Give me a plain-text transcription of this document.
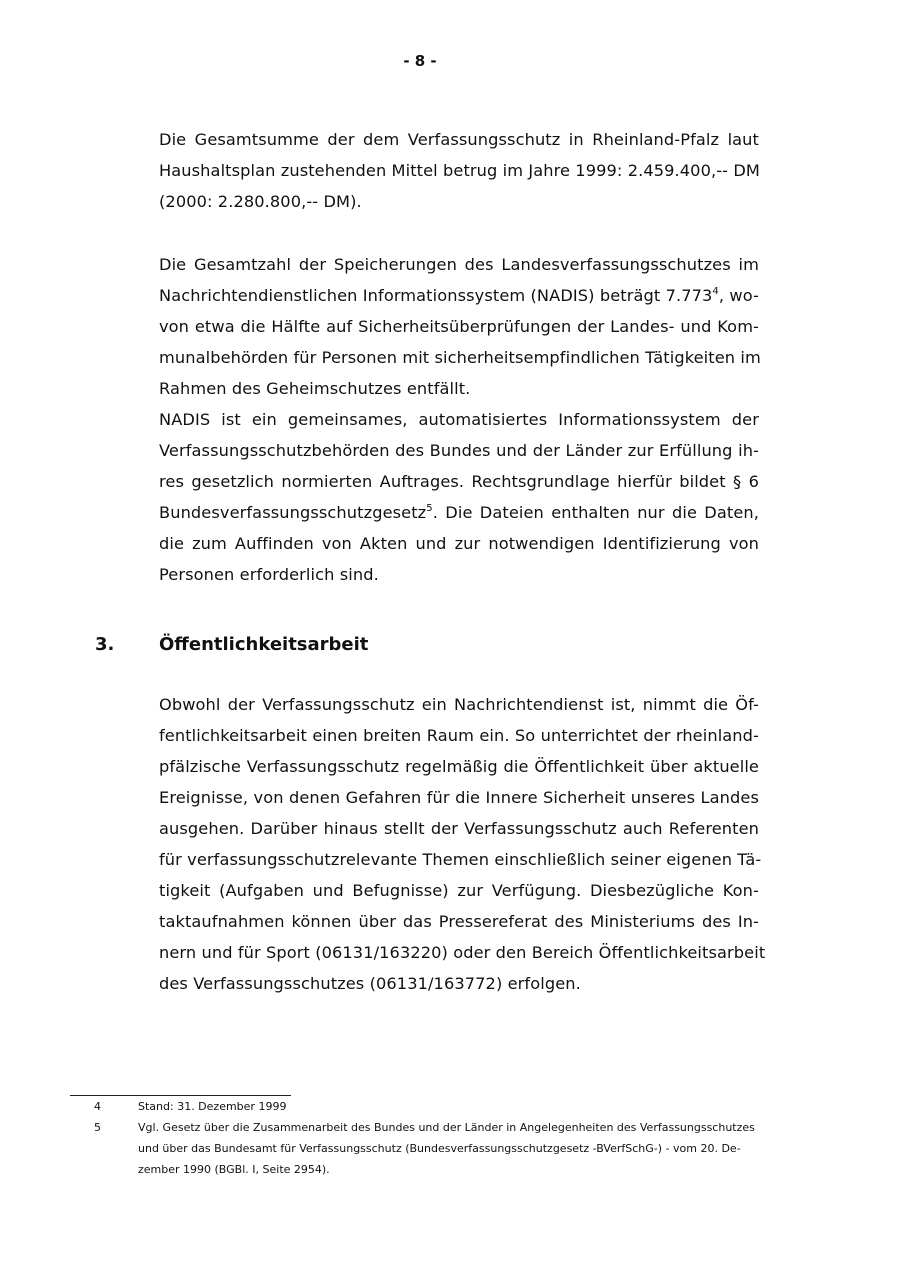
- 8 -
Die Gesamtsumme der dem Verfassungsschutz in Rheinland-Pfalz laut
Haushaltsplan zustehenden Mittel betrug im Jahre 1999: 2.459.400,-- DM
(2000: 2.280.800,-- DM).
Die Gesamtzahl der Speicherungen des Landesverfassungsschutzes im
Nachrichtendienstlichen Informationssystem (NADIS) beträgt 7.773$^4$, wo-
von etwa die Hälfte auf Sicherheitsüberprüfungen der Landes- und Kom-
munalbehörden für Personen mit sicherheitsempfindlichen Tätigkeiten im
Rahmen des Geheimschutzes entfällt.
NADIS ist ein gemeinsames, automatisiertes Informationssystem der
Verfassungsschutzbehörden des Bundes und der Länder zur Erfüllung ih-
res gesetzlich normierten Auftrages. Rechtsgrundlage hierfür bildet § 6
Bundesverfassungsschutzgesetz$^5$. Die Dateien enthalten nur die Daten,
die zum Auffinden von Akten und zur notwendigen Identifizierung von
Personen erforderlich sind.
3. Öffentlichkeitsarbeit
Obwohl der Verfassungsschutz ein Nachrichtendienst ist, nimmt die Öf-
fentlichkeitsarbeit einen breiten Raum ein. So unterrichtet der rheinland-
pfälzische Verfassungsschutz regelmäßig die Öffentlichkeit über aktuelle
Ereignisse, von denen Gefahren für die Innere Sicherheit unseres Landes
ausgehen. Darüber hinaus stellt der Verfassungsschutz auch Referenten
für verfassungsschutzrelevante Themen einschließlich seiner eigenen Tä-
tigkeit (Aufgaben und Befugnisse) zur Verfügung. Diesbezügliche Kon-
taktaufnahmen können über das Pressereferat des Ministeriums des In-
nern und für Sport (06131/163220) oder den Bereich Öffentlichkeitsarbeit
des Verfassungsschutzes (06131/163772) erfolgen.
4	Stand: 31. Dezember 1999
5	Vgl. Gesetz über die Zusammenarbeit des Bundes und der Länder in Angelegenheiten des Verfassungsschutzes
und über das Bundesamt für Verfassungsschutz (Bundesverfassungsschutzgesetz -BVerfSchG-) - vom 20. De-
zember 1990 (BGBl. I, Seite 2954).
